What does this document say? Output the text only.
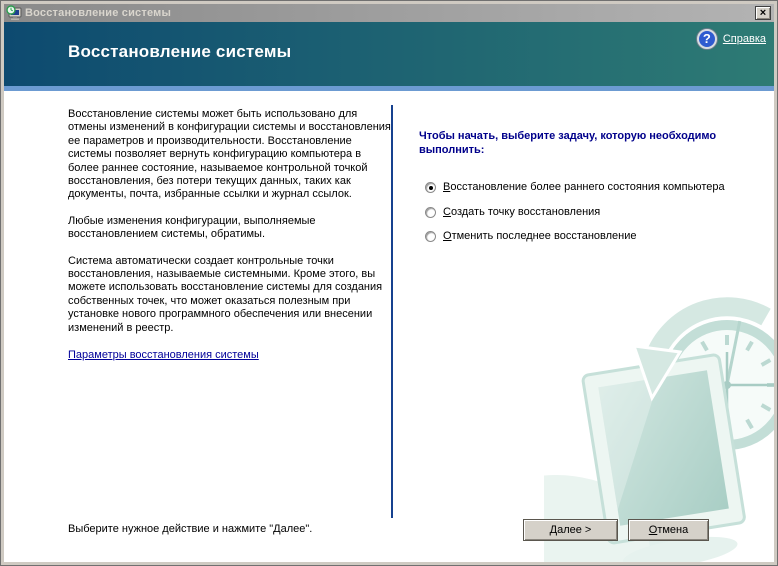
Восстановление системы	×
Восстановление системы
?	Справка

Восстановление системы может быть использовано для отмены изменений в конфигурации системы и восстановления ее параметров и производительности. Восстановление системы позволяет вернуть конфигурацию компьютера в более раннее состояние, называемое контрольной точкой восстановления, без потери текущих данных, таких как документы, почта, избранные ссылки и журнал ссылок.

Любые изменения конфигурации, выполняемые восстановлением системы, обратимы.

Система автоматически создает контрольные точки восстановления, называемые системными. Кроме этого, вы можете использовать восстановление системы для создания собственных точек, что может оказаться полезным при установке нового программного обеспечения или внесении изменений в реестр.

Параметры восстановления системы
Чтобы начать, выберите задачу, которую необходимо выполнить:
Восстановление более раннего состояния компьютера
Создать точку восстановления
Отменить последнее восстановление
Выберите нужное действие и нажмите "Далее".	Далее >	Отмена
